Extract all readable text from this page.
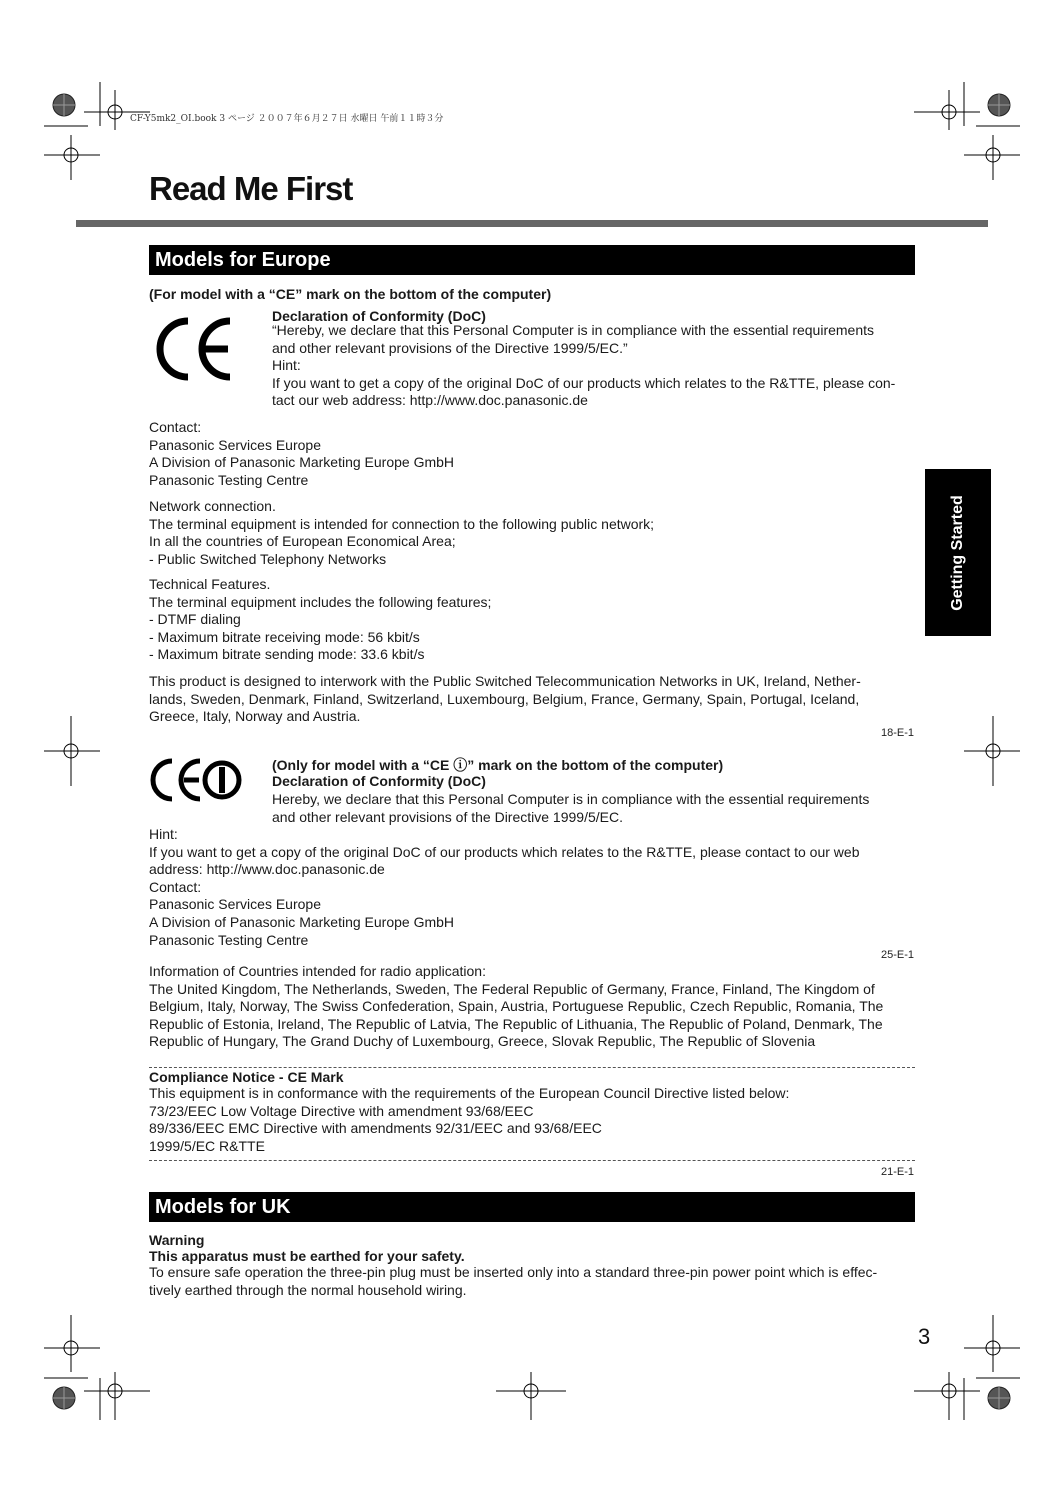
CF-Y5mk2_OI.book 3 ページ ２００７年６月２７日 水曜日 午前１１時３分
Read Me First
Models for Europe
(For model with a “CE” mark on the bottom of the computer)
Declaration of Conformity (DoC)
“Hereby, we declare that this Personal Computer is in compliance with the essential requirements
and other relevant provisions of the Directive 1999/5/EC.”
Hint:
If you want to get a copy of the original DoC of our products which relates to the R&TTE, please con-
tact our web address: http://www.doc.panasonic.de
Contact:
Panasonic Services Europe
A Division of Panasonic Marketing Europe GmbH
Panasonic Testing Centre
Network connection.
The terminal equipment is intended for connection to the following public network;
In all the countries of European Economical Area;
- Public Switched Telephony Networks
Technical Features.
The terminal equipment includes the following features;
- DTMF dialing
- Maximum bitrate receiving mode: 56 kbit/s
- Maximum bitrate sending mode: 33.6 kbit/s
This product is designed to interwork with the Public Switched Telecommunication Networks in UK, Ireland, Nether-
lands, Sweden, Denmark, Finland, Switzerland, Luxembourg, Belgium, France, Germany, Spain, Portugal, Iceland,
Greece, Italy, Norway and Austria.
18-E-1
(Only for model with a “CE ⓘ” mark on the bottom of the computer)
Declaration of Conformity (DoC)
Hereby, we declare that this Personal Computer is in compliance with the essential requirements
and other relevant provisions of the Directive 1999/5/EC.
Hint:
If you want to get a copy of the original DoC of our products which relates to the R&TTE, please contact to our web
address: http://www.doc.panasonic.de
Contact:
Panasonic Services Europe
A Division of Panasonic Marketing Europe GmbH
Panasonic Testing Centre
25-E-1
Information of Countries intended for radio application:
The United Kingdom, The Netherlands, Sweden, The Federal Republic of Germany, France, Finland, The Kingdom of
Belgium, Italy, Norway, The Swiss Confederation, Spain, Austria, Portuguese Republic, Czech Republic, Romania, The
Republic of Estonia, Ireland, The Republic of Latvia, The Republic of Lithuania, The Republic of Poland, Denmark, The
Republic of Hungary, The Grand Duchy of Luxembourg, Greece, Slovak Republic, The Republic of Slovenia
Compliance Notice - CE Mark
This equipment is in conformance with the requirements of the European Council Directive listed below:
73/23/EEC Low Voltage Directive with amendment 93/68/EEC
89/336/EEC EMC Directive with amendments 92/31/EEC and 93/68/EEC
1999/5/EC R&TTE
21-E-1
Models for UK
Warning
This apparatus must be earthed for your safety.
To ensure safe operation the three-pin plug must be inserted only into a standard three-pin power point which is effec-
tively earthed through the normal household wiring.
Getting Started
3
